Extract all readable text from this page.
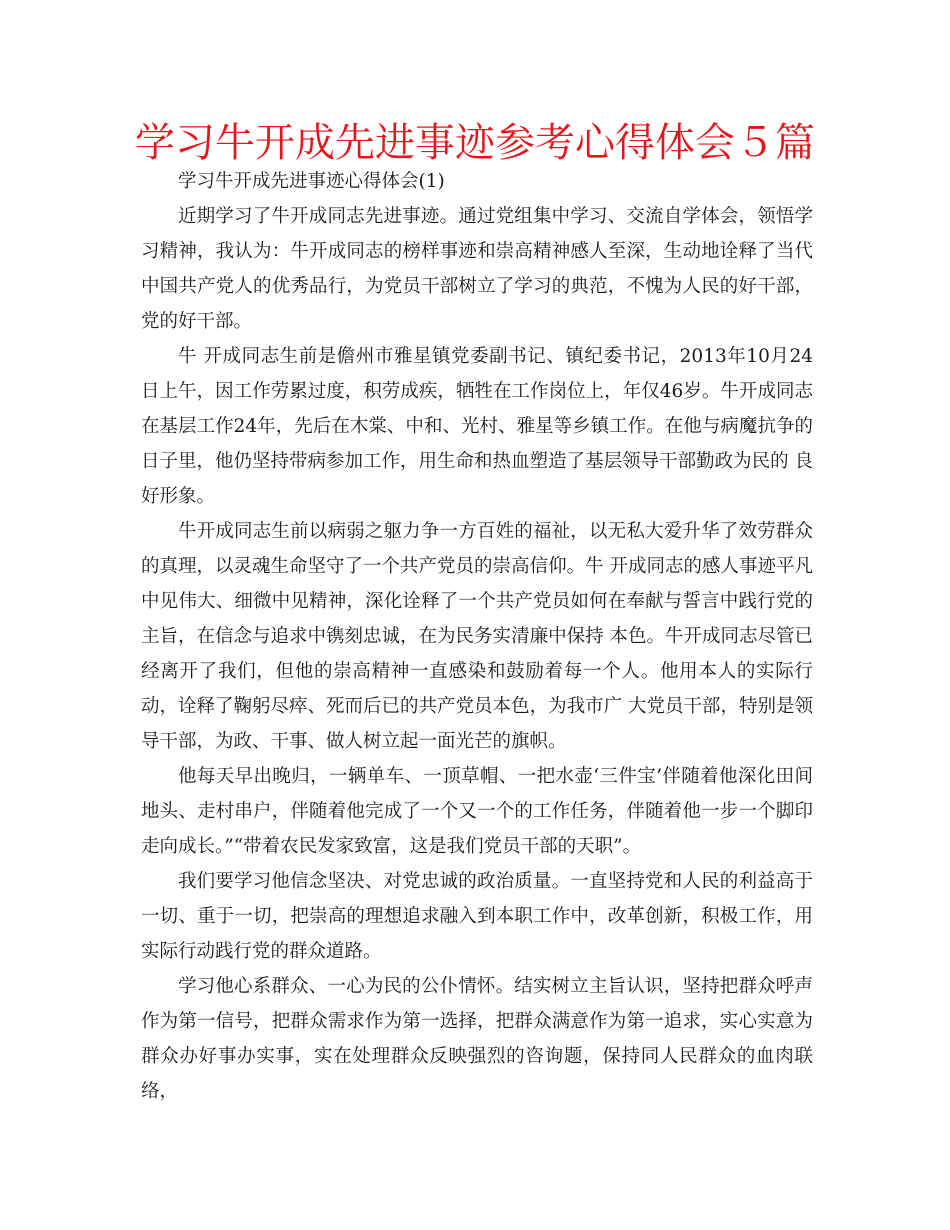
学习牛开成先进事迹参考心得体会５篇

学习牛开成先进事迹心得体会(1)

近期学习了牛开成同志先进事迹。通过党组集中学习、交流自学体会，领悟学习精神，我认为：牛开成同志的榜样事迹和崇高精神感人至深，生动地诠释了当代中国共产党人的优秀品行，为党员干部树立了学习的典范，不愧为人民的好干部，党的好干部。

牛 开成同志生前是儋州市雅星镇党委副书记、镇纪委书记，2013年10月24日上午，因工作劳累过度，积劳成疾，牺牲在工作岗位上，年仅46岁。牛开成同志 在基层工作24年，先后在木棠、中和、光村、雅星等乡镇工作。在他与病魔抗争的日子里，他仍坚持带病参加工作，用生命和热血塑造了基层领导干部勤政为民的 良好形象。

牛开成同志生前以病弱之躯力争一方百姓的福祉，以无私大爱升华了效劳群众的真理，以灵魂生命坚守了一个共产党员的崇高信仰。牛 开成同志的感人事迹平凡中见伟大、细微中见精神，深化诠释了一个共产党员如何在奉献与誓言中践行党的主旨，在信念与追求中镌刻忠诚，在为民务实清廉中保持 本色。牛开成同志尽管已经离开了我们，但他的崇高精神一直感染和鼓励着每一个人。他用本人的实际行动，诠释了鞠躬尽瘁、死而后已的共产党员本色，为我市广 大党员干部，特别是领导干部，为政、干事、做人树立起一面光芒的旗帜。

他每天早出晚归，一辆单车、一顶草帽、一把水壶‘三件宝’伴随着他深化田间地头、走村串户，伴随着他完成了一个又一个的工作任务，伴随着他一步一个脚印走向成长。”“带着农民发家致富，这是我们党员干部的天职”。

我们要学习他信念坚决、对党忠诚的政治质量。一直坚持党和人民的利益高于一切、重于一切，把崇高的理想追求融入到本职工作中，改革创新，积极工作，用实际行动践行党的群众道路。

学习他心系群众、一心为民的公仆情怀。结实树立主旨认识，坚持把群众呼声作为第一信号，把群众需求作为第一选择，把群众满意作为第一追求，实心实意为群众办好事办实事，实在处理群众反映强烈的咨询题，保持同人民群众的血肉联络，
